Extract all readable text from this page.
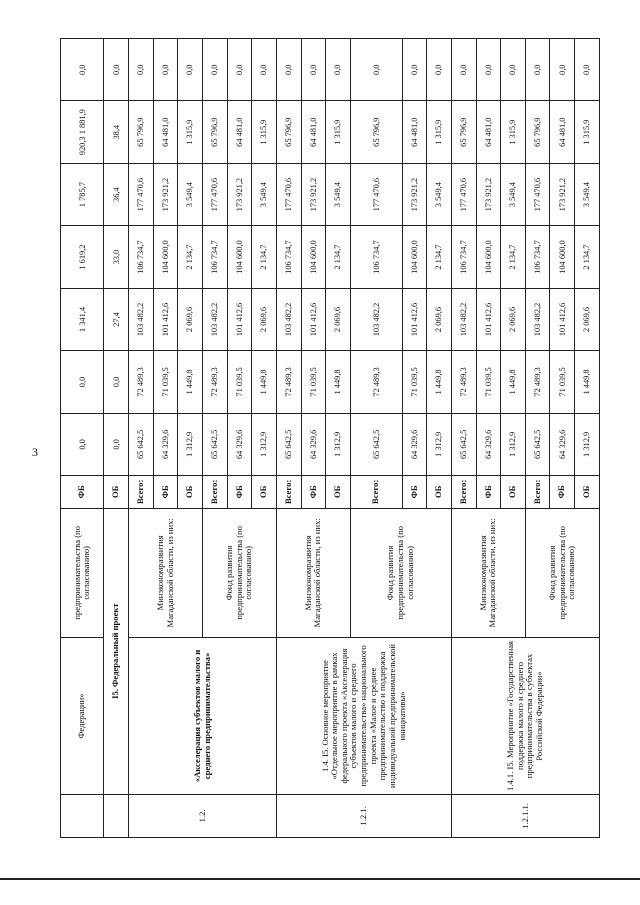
3
	Федерации»	предпринимательства (по согласованию)	ФБ	0,0	0,0	1 341,4	1 619,2	1 785,7	920,3 1 881,9	0,0
	I5. Федеральный проект		ОБ	0,0	0,0	27,4	33,0	36,4	38,4	0,0
1.2.	«Акселерация субъектов малого и среднего предпринимательства»	Минэкономразвития Магаданской области, из них:	Всего:	65 642,5	72 489,3	103 482,2	106 734,7	177 470,6	65 796,9	0,0
			ФБ	64 329,6	71 039,5	101 412,6	104 600,0	173 921,2	64 481,0	0,0
			ОБ	1 312,9	1 449,8	2 069,6	2 134,7	3 549,4	1 315,9	0,0
		Фонд развития предпринимательства (по согласованию)	Всего:	65 642,5	72 489,3	103 482,2	106 734,7	177 470,6	65 796,9	0,0
			ФБ	64 329,6	71 039,5	101 412,6	104 600,0	173 921,2	64 481,0	0,0
			ОБ	1 312,9	1 449,8	2 069,6	2 134,7	3 549,4	1 315,9	0,0
1.2.1.	1.4. I5. Основное мероприятие «Отдельное мероприятие в рамках федерального проекта «Акселерация субъектов малого и среднего предпринимательства» национального проекта «Малое и среднее предпринимательство и поддержка индивидуальной предпринимательской инициативы»	Минэкономразвития Магаданской области, из них:	Всего:	65 642,5	72 489,3	103 482,2	106 734,7	177 470,6	65 796,9	0,0
			ФБ	64 329,6	71 039,5	101 412,6	104 600,0	173 921,2	64 481,0	0,0
			ОБ	1 312,9	1 449,8	2 069,6	2 134,7	3 549,4	1 315,9	0,0
		Фонд развития предпринимательства (по согласованию)	Всего:	65 642,5	72 489,3	103 482,2	106 734,7	177 470,6	65 796,9	0,0
			ФБ	64 329,6	71 039,5	101 412,6	104 600,0	173 921,2	64 481,0	0,0
			ОБ	1 312,9	1 449,8	2 069,6	2 134,7	3 549,4	1 315,9	0,0
1.2.1.1.	1.4.1. I5. Мероприятие «Государственная поддержка малого и среднего предпринимательства в субъектах Российской Федерации»	Минэкономразвития Магаданской области, из них:	Всего:	65 642,5	72 489,3	103 482,2	106 734,7	177 470,6	65 796,9	0,0
			ФБ	64 329,6	71 039,5	101 412,6	104 600,0	173 921,2	64 481,0	0,0
			ОБ	1 312,9	1 449,8	2 069,6	2 134,7	3 549,4	1 315,9	0,0
		Фонд развития предпринимательства (по согласованию)	Всего:	65 642,5	72 489,3	103 482,2	106 734,7	177 470,6	65 796,9	0,0
			ФБ	64 329,6	71 039,5	101 412,6	104 600,0	173 921,2	64 481,0	0,0
			ОБ	1 312,9	1 449,8	2 069,6	2 134,7	3 549,4	1 315,9	0,0
